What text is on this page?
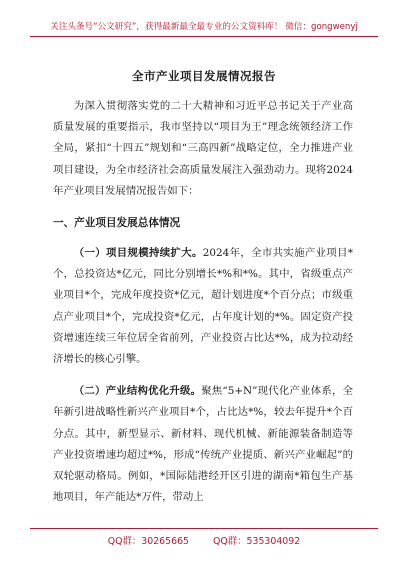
关注头条号“公文研究”，获得最新最全最专业的公文资料库！ 微信：gongwenyj
全市产业项目发展情况报告

为深入贯彻落实党的二十大精神和习近平总书记关于产业高质量发展的重要指示，我市坚持以“项目为王”理念统领经济工作全局，紧扣“十四五”规划和“三高四新”战略定位，全力推进产业项目建设，为全市经济社会高质量发展注入强劲动力。现将2024年产业项目发展情况报告如下：

一、产业项目发展总体情况

（一）项目规模持续扩大。2024年，全市共实施产业项目*个，总投资达*亿元，同比分别增长*%和*%。其中，省级重点产业项目*个，完成年度投资*亿元，超计划进度*个百分点；市级重点产业项目*个，完成投资*亿元，占年度计划的*%。固定资产投资增速连续三年位居全省前列，产业投资占比达*%，成为拉动经济增长的核心引擎。

（二）产业结构优化升级。聚焦“5+N”现代化产业体系，全年新引进战略性新兴产业项目*个，占比达*%，较去年提升*个百分点。其中，新型显示、新材料、现代机械、新能源装备制造等产业投资增速均超过*%，形成“传统产业提质、新兴产业崛起”的双轮驱动格局。例如，*国际陆港经开区引进的湖南*箱包生产基地项目，年产能达*万件，带动上

QQ群：30265665	QQ群：535304092
